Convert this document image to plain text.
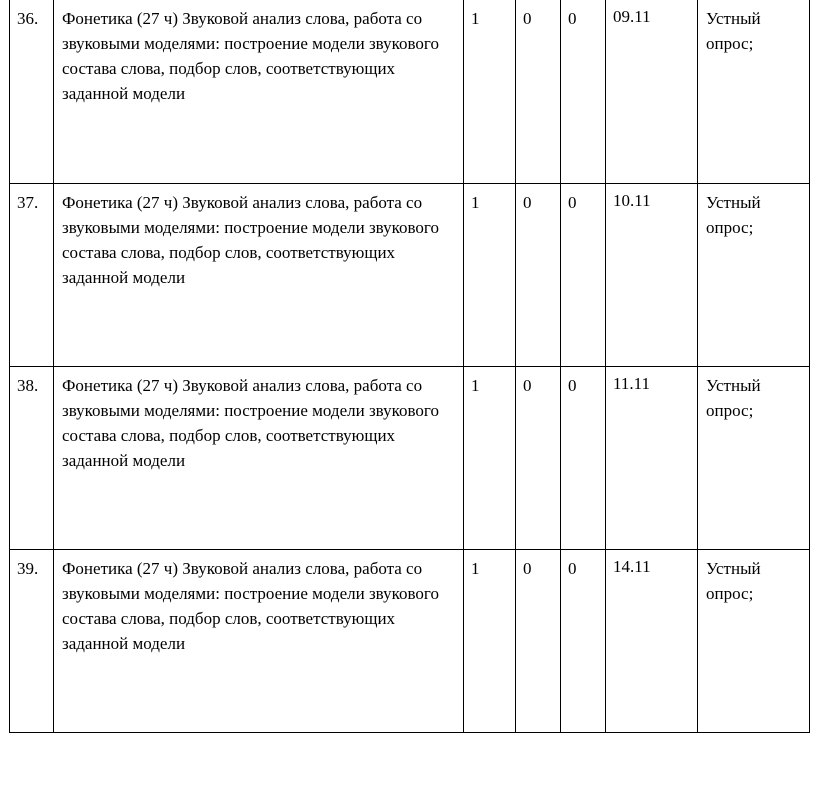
36.	Фонетика (27 ч) Звуковой анализ слова, работа со звуковыми моделями: построение модели звукового состава слова, подбор слов, соответствующих заданной модели	1	0	0	09.11	Устный опрос;
37.	Фонетика (27 ч) Звуковой анализ слова, работа со звуковыми моделями: построение модели звукового состава слова, подбор слов, соответствующих заданной модели	1	0	0	10.11	Устный опрос;
38.	Фонетика (27 ч) Звуковой анализ слова, работа со звуковыми моделями: построение модели звукового состава слова, подбор слов, соответствующих заданной модели	1	0	0	11.11	Устный опрос;
39.	Фонетика (27 ч) Звуковой анализ слова, работа со звуковыми моделями: построение модели звукового состава слова, подбор слов, соответствующих заданной модели	1	0	0	14.11	Устный опрос;
